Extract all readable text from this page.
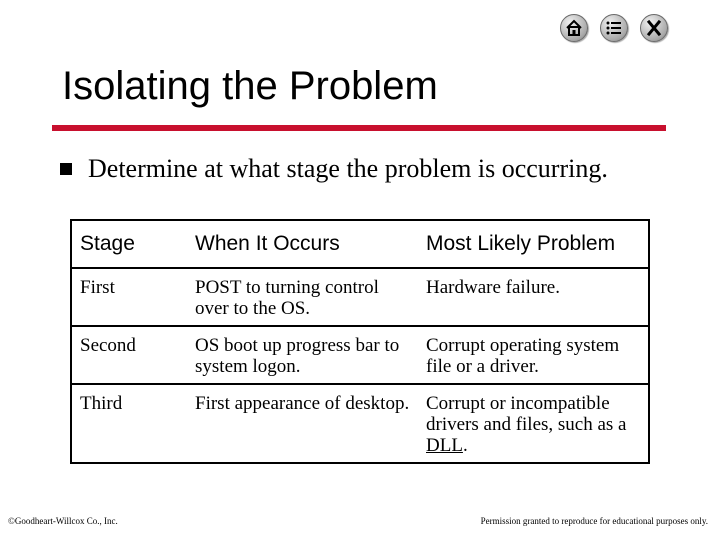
Isolating the Problem
Determine at what stage the problem is occurring.
Stage	When It Occurs	Most Likely Problem
First	POST to turning control over to the OS.	Hardware failure.
Second	OS boot up progress bar to system logon.	Corrupt operating system file or a driver.
Third	First appearance of desktop.	Corrupt or incompatible drivers and files, such as a DLL.
©Goodheart-Willcox Co., Inc.	Permission granted to reproduce for educational purposes only.
